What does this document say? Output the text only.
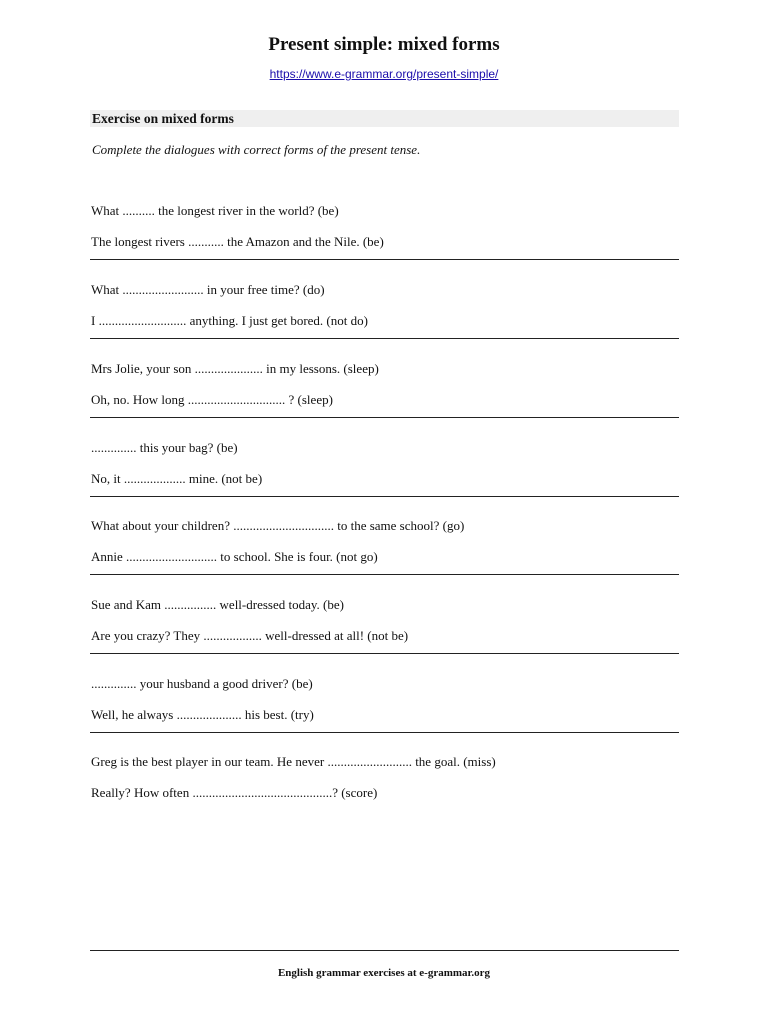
Present simple: mixed forms
https://www.e-grammar.org/present-simple/
Exercise on mixed forms
Complete the dialogues with correct forms of the present tense.
What .......... the longest river in the world? (be)
The longest rivers ........... the Amazon and the Nile. (be)
What ......................... in your free time? (do)
I ........................... anything. I just get bored. (not do)
Mrs Jolie, your son ..................... in my lessons. (sleep)
Oh, no. How long .............................. ? (sleep)
.............. this your bag? (be)
No, it ................... mine. (not be)
What about your children? ............................... to the same school? (go)
Annie ............................ to school. She is four. (not go)
Sue and Kam ................ well-dressed today. (be)
Are you crazy? They .................. well-dressed at all! (not be)
.............. your husband a good driver? (be)
Well, he always .................... his best. (try)
Greg is the best player in our team. He never .......................... the goal. (miss)
Really? How often ...........................................? (score)
English grammar exercises at e-grammar.org
